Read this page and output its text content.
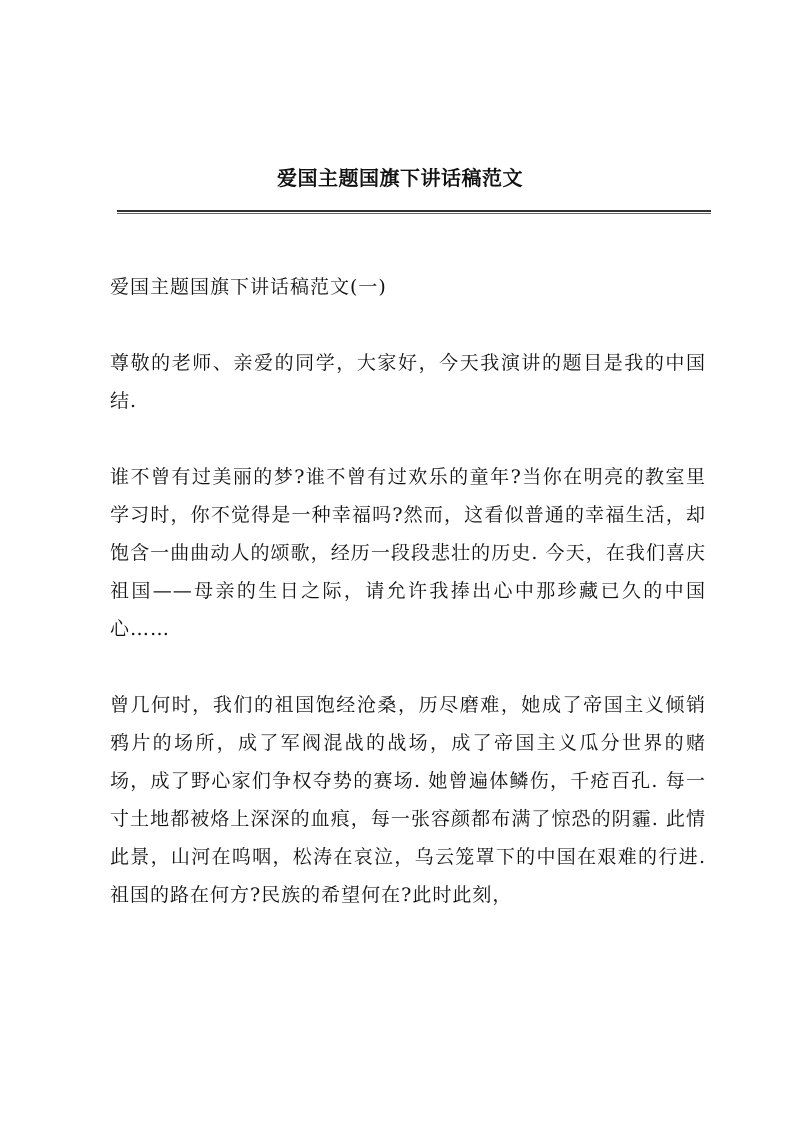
爱国主题国旗下讲话稿范文

爱国主题国旗下讲话稿范文(一)

尊敬的老师、亲爱的同学，大家好，今天我演讲的题目是我的中国结.

谁不曾有过美丽的梦?谁不曾有过欢乐的童年?当你在明亮的教室里学习时，你不觉得是一种幸福吗?然而，这看似普通的幸福生活，却饱含一曲曲动人的颂歌，经历一段段悲壮的历史. 今天，在我们喜庆祖国——母亲的生日之际，请允许我捧出心中那珍藏已久的中国心……

曾几何时，我们的祖国饱经沧桑，历尽磨难，她成了帝国主义倾销鸦片的场所，成了军阀混战的战场，成了帝国主义瓜分世界的赌场，成了野心家们争权夺势的赛场. 她曾遍体鳞伤，千疮百孔. 每一寸土地都被烙上深深的血痕，每一张容颜都布满了惊恐的阴霾. 此情此景，山河在呜咽，松涛在哀泣，乌云笼罩下的中国在艰难的行进. 祖国的路在何方?民族的希望何在?此时此刻，
